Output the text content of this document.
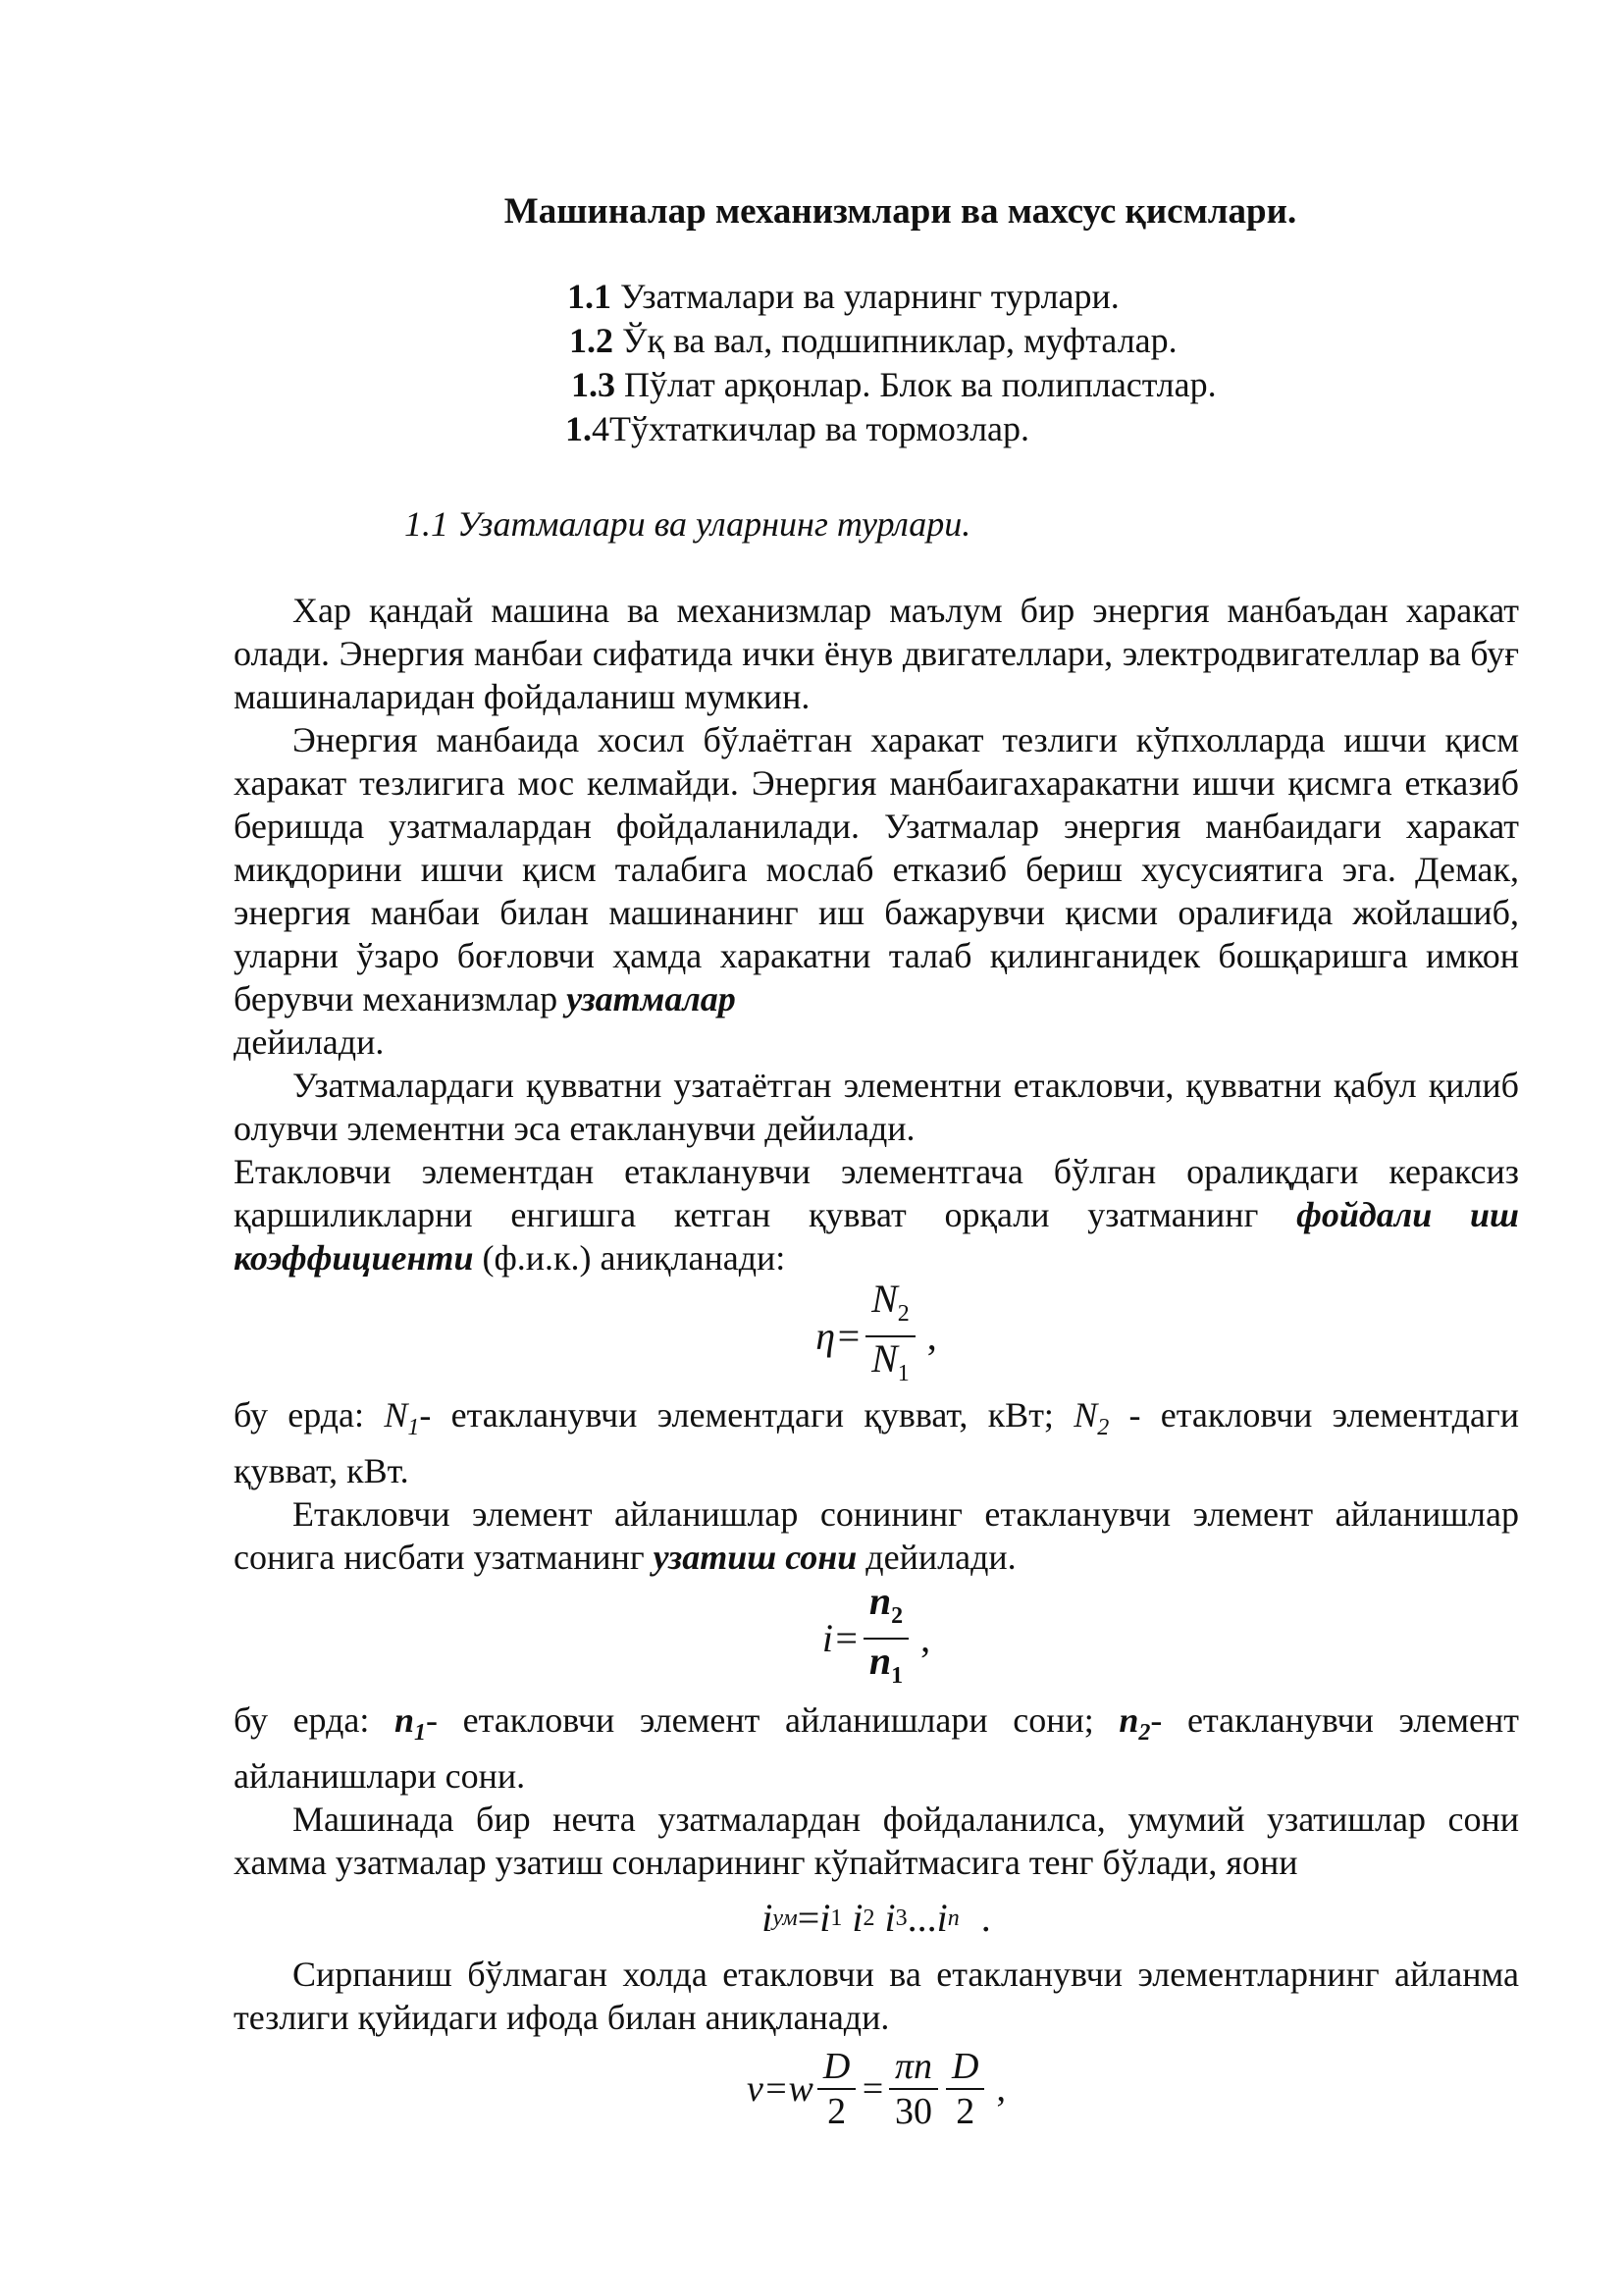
Машиналар механизмлари ва махсус қисмлари.
1.1 Узатмалари ва уларнинг турлари.
1.2 Ўқ ва вал, подшипниклар, муфталар.
1.3 Пўлат арқонлар. Блок ва полипластлар.
1.4Тўхтаткичлар ва тормозлар.
1.1 Узатмалари ва уларнинг турлари.

Хар қандай машина ва механизмлар маълум бир энергия манбаъдан харакат олади. Энергия манбаи сифатида ички ёнув двигателлари, электродвигателлар ва буғ машиналаридан фойдаланиш мумкин.

Энергия манбаида хосил бўлаётган харакат тезлиги кўпхолларда ишчи қисм харакат тезлигига мос келмайди. Энергия манбаигахаракатни ишчи қисмга етказиб беришда узатмалардан фойдаланилади. Узатмалар энергия манбаидаги харакат миқдорини ишчи қисм талабига мослаб етказиб бериш хусусиятига эга. Демак, энергия манбаи билан машинанинг иш бажарувчи қисми оралиғида жойлашиб, уларни ўзаро боғловчи ҳамда харакатни талаб қилинганидек бошқаришга имкон берувчи механизмлар узатмалар
дейилади.

Узатмалардаги қувватни узатаётган элементни етакловчи, қувватни қабул қилиб олувчи элементни эса етакланувчи дейилади.

Етакловчи элементдан етакланувчи элементгача бўлган оралиқдаги кераксиз қаршиликларни енгишга кетган қувват орқали узатманинг фойдали иш коэффициенти (ф.и.к.) аниқланади:

$\eta= \frac{N_2}{N_1}$ ,

бу ерда: $N_1-$ етакланувчи элементдаги қувват, кВт; $N_2$ - етакловчи элементдаги қувват, кВт.

Етакловчи элемент айланишлар сонининг етакланувчи элемент айланишлар сонига нисбати узатманинг узатиш сони дейилади.

$i= \frac{n_2}{n_1}$ ,

бу ерда: $n_1-$ етакловчи элемент айланишлари сони; $n_2-$ етакланувчи элемент айланишлари сони.

Машинада бир нечта узатмалардан фойдаланилса, умумий узатишлар сони хамма узатмалар узатиш сонларининг кўпайтмасига тенг бўлади, яони

i ум = i 1
i 2
i 3 ... i n .

Сирпаниш бўлмаган холда етакловчи ва етакланувчи элементларнинг айланма тезлиги қуйидаги ифода билан аниқланади.

$v=w \frac{D}{2} = \frac{\pi n}{30} \frac{D}{2}$ ,
